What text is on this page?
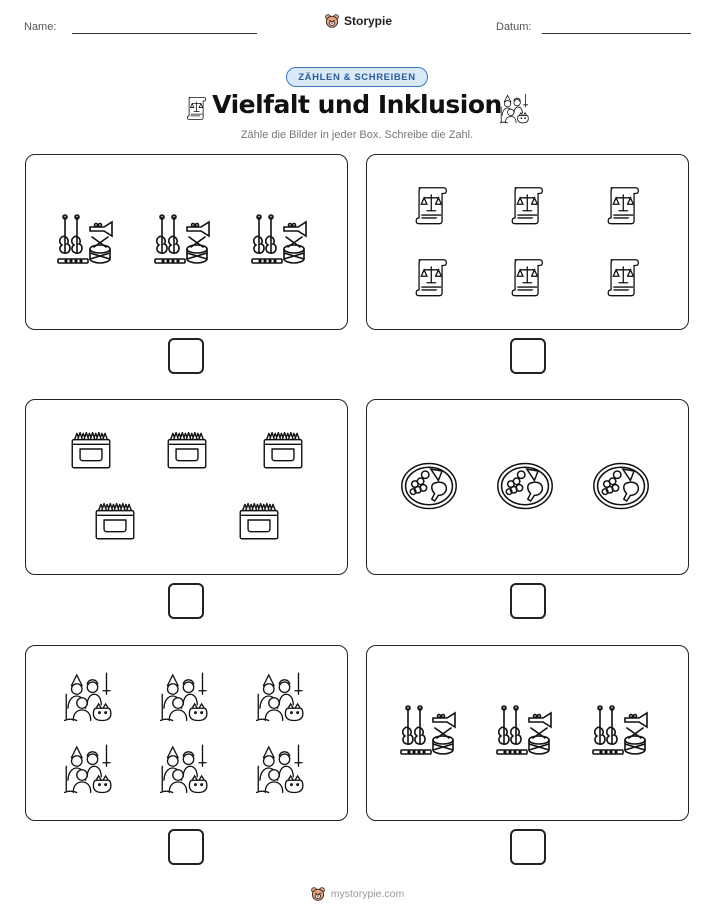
Name:	Storypie	Datum:
ZÄHLEN & SCHREIBEN
Vielfalt und Inklusion
Zähle die Bilder in jeder Box. Schreibe die Zahl.
mystorypie.com
